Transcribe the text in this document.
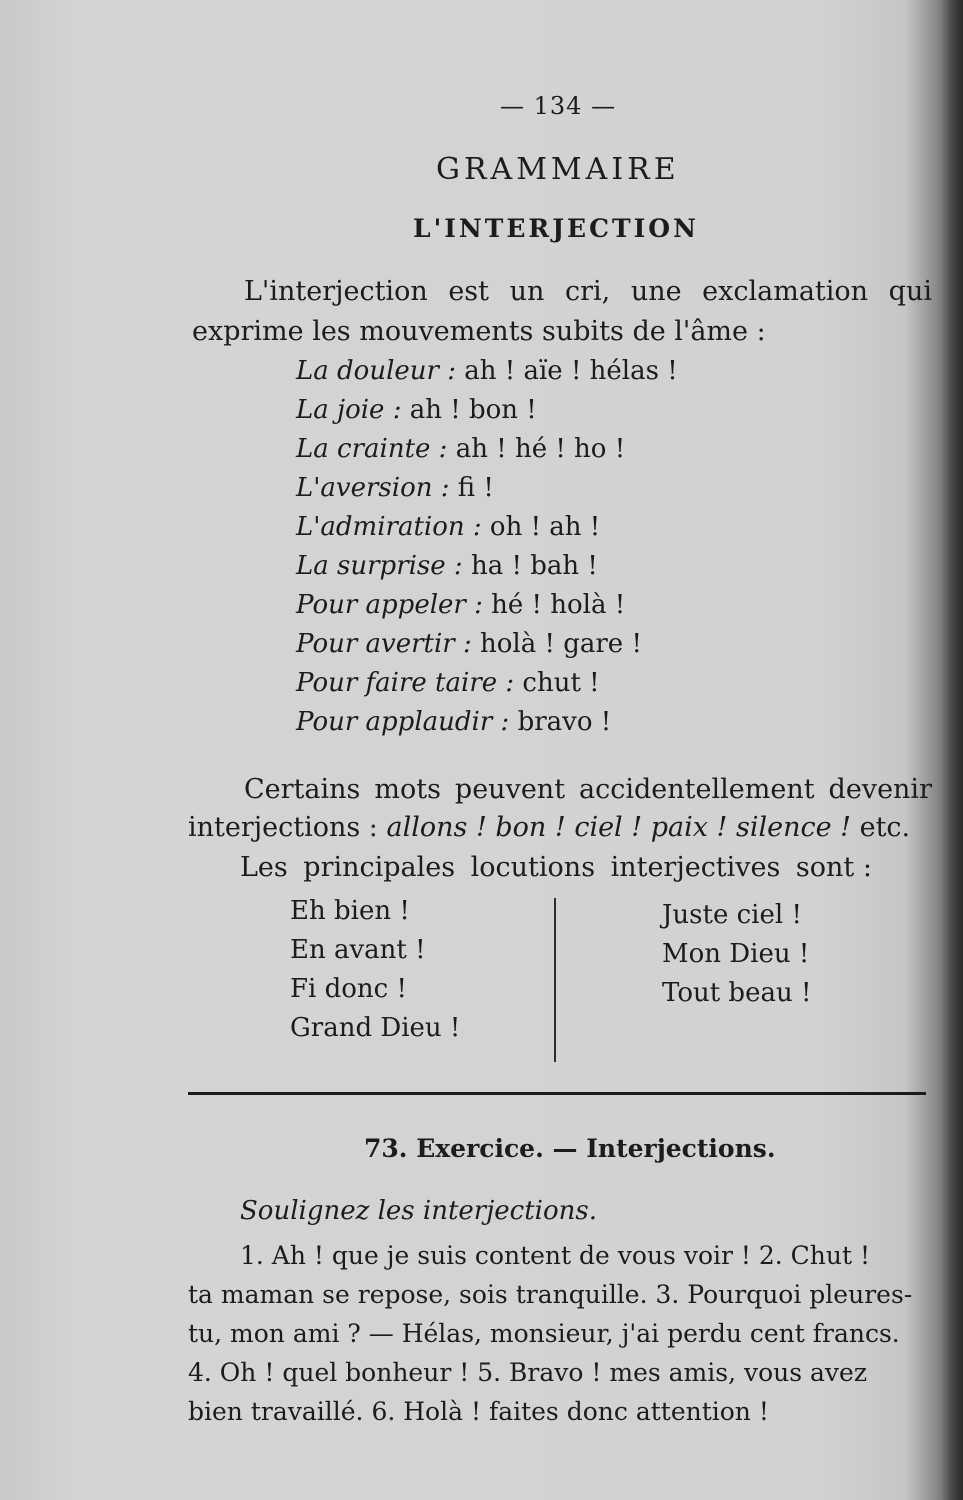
— 134 —
GRAMMAIRE
L'INTERJECTION
L'interjection est un cri, une exclamation qui
exprime les mouvements subits de l'âme :
La douleur : ah ! aïe ! hélas !
La joie : ah ! bon !
La crainte : ah ! hé ! ho !
L'aversion : fi !
L'admiration : oh ! ah !
La surprise : ha ! bah !
Pour appeler : hé ! holà !
Pour avertir : holà ! gare !
Pour faire taire : chut !
Pour applaudir : bravo !
Certains mots peuvent accidentellement devenir
interjections : allons ! bon ! ciel ! paix ! silence ! etc.
Les principales locutions interjectives sont :
Eh bien !
En avant !
Fi donc !
Grand Dieu !
Juste ciel !
Mon Dieu !
Tout beau !
73. Exercice. — Interjections.
Soulignez les interjections.
1. Ah ! que je suis content de vous voir ! 2. Chut !
ta maman se repose, sois tranquille. 3. Pourquoi pleures-
tu, mon ami ? — Hélas, monsieur, j'ai perdu cent francs.
4. Oh ! quel bonheur ! 5. Bravo ! mes amis, vous avez
bien travaillé. 6. Holà ! faites donc attention !
